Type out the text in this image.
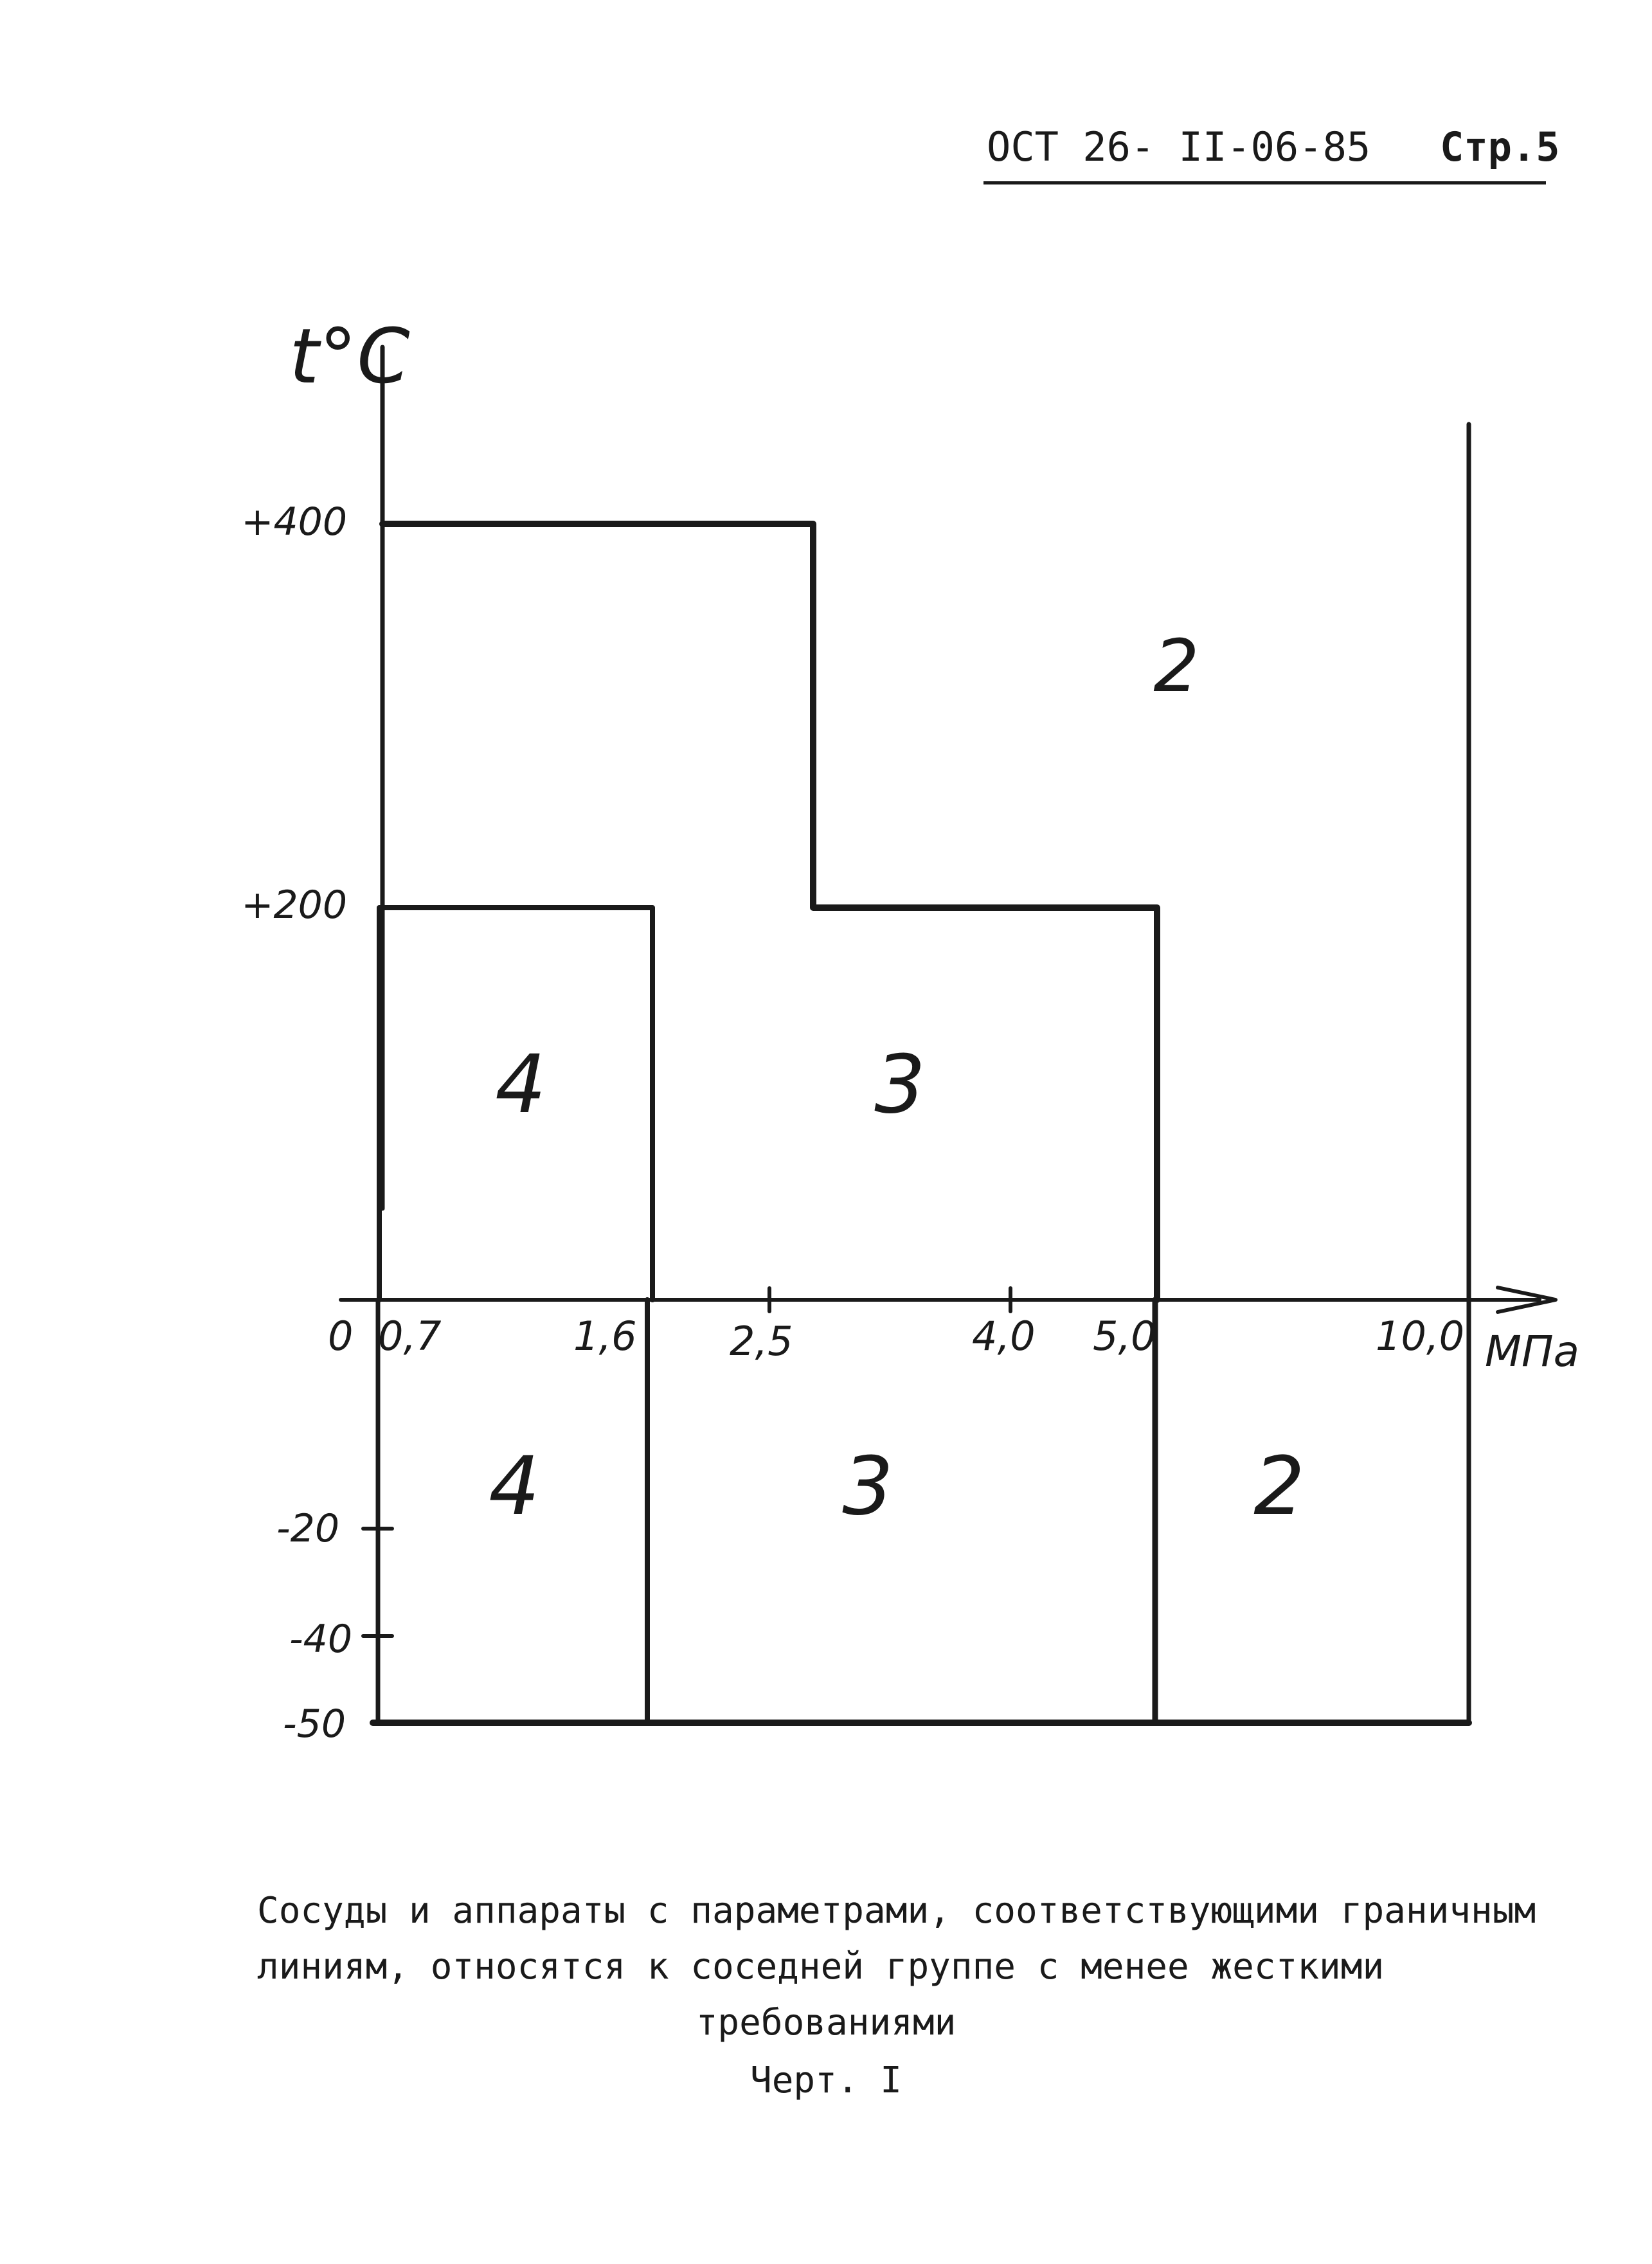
ОСТ 26- II-06-85 Стр.5
t°C
+400
+200
-20
-40
-50
0 0,7	1,6 2,5	4,0 5,0	10,0 МПа
2
4	3
4	3	2
Сосуды и аппараты с параметрами, соответствующими граничным
линиям, относятся к соседней группе с менее жесткими
требованиями
Черт. I
